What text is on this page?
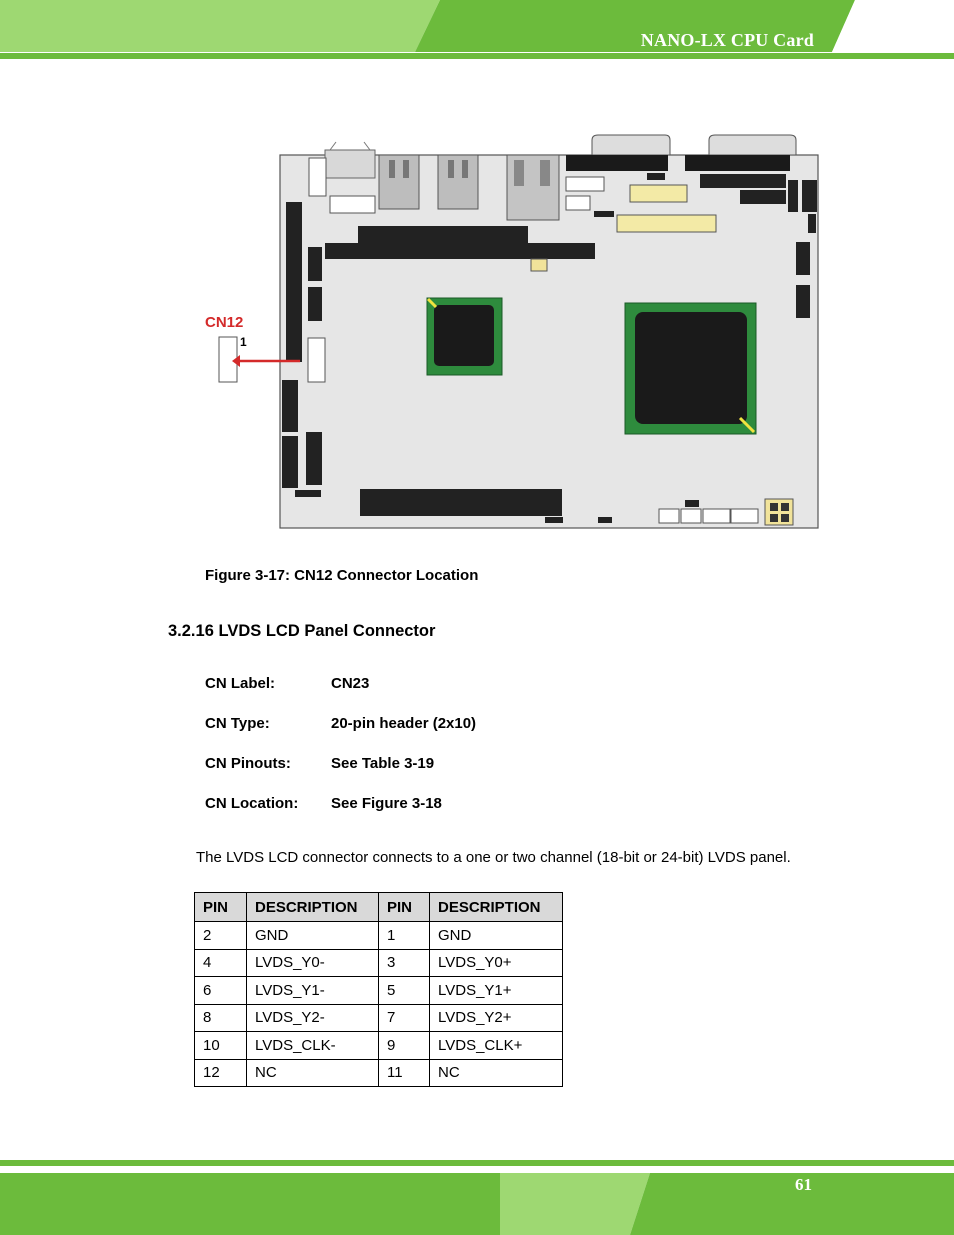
NANO-LX CPU Card
CN12
1
Figure 3-17: CN12 Connector Location
3.2.16 LVDS LCD Panel Connector
CN Label:	CN23
CN Type:	20-pin header (2x10)
CN Pinouts:	See Table 3-19
CN Location: See Figure 3-18
The LVDS LCD connector connects to a one or two channel (18-bit or 24-bit) LVDS panel.
PIN	DESCRIPTION	PIN	DESCRIPTION
2	GND	1	GND
4	LVDS_Y0-	3	LVDS_Y0+
6	LVDS_Y1-	5	LVDS_Y1+
8	LVDS_Y2-	7	LVDS_Y2+
10	LVDS_CLK-	9	LVDS_CLK+
12	NC	11	NC
61
